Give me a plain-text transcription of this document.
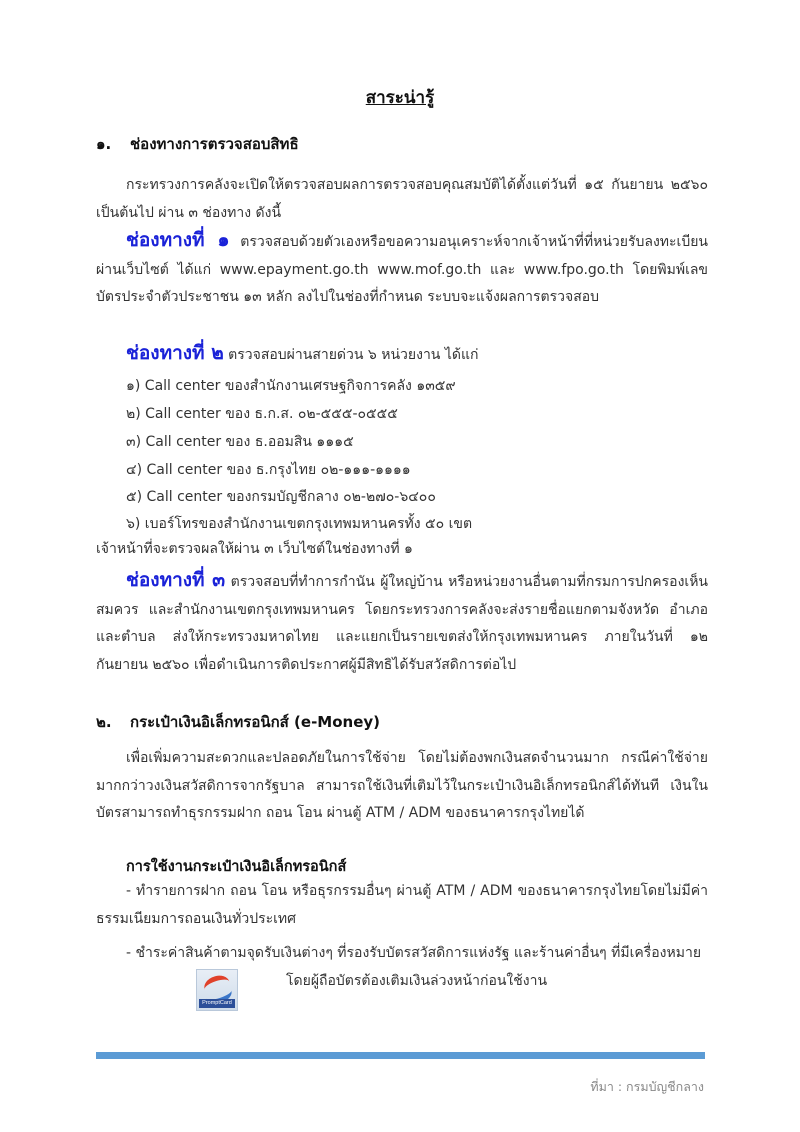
สาระน่ารู้
๑. ช่องทางการตรวจสอบสิทธิ
กระทรวงการคลังจะเปิดให้ตรวจสอบผลการตรวจสอบคุณสมบัติได้ตั้งแต่วันที่ ๑๕ กันยายน ๒๕๖๐ เป็นต้นไป ผ่าน ๓ ช่องทาง ดังนี้
ช่องทางที่ ๑ ตรวจสอบด้วยตัวเองหรือขอความอนุเคราะห์จากเจ้าหน้าที่ที่หน่วยรับลงทะเบียนผ่านเว็บไซต์ ได้แก่ www.epayment.go.th www.mof.go.th และ www.fpo.go.th โดยพิมพ์เลขบัตรประจำตัวประชาชน ๑๓ หลัก ลงไปในช่องที่กำหนด ระบบจะแจ้งผลการตรวจสอบ
ช่องทางที่ ๒ ตรวจสอบผ่านสายด่วน ๖ หน่วยงาน ได้แก่
๑) Call center ของสำนักงานเศรษฐกิจการคลัง ๑๓๕๙
๒) Call center ของ ธ.ก.ส. ๐๒-๕๕๕-๐๕๕๕
๓) Call center ของ ธ.ออมสิน ๑๑๑๕
๔) Call center ของ ธ.กรุงไทย ๐๒-๑๑๑-๑๑๑๑
๕) Call center ของกรมบัญชีกลาง ๐๒-๒๗๐-๖๔๐๐
๖) เบอร์โทรของสำนักงานเขตกรุงเทพมหานครทั้ง ๕๐ เขต
เจ้าหน้าที่จะตรวจผลให้ผ่าน ๓ เว็บไซต์ในช่องทางที่ ๑
ช่องทางที่ ๓ ตรวจสอบที่ทำการกำนัน ผู้ใหญ่บ้าน หรือหน่วยงานอื่นตามที่กรมการปกครองเห็นสมควร และสำนักงานเขตกรุงเทพมหานคร โดยกระทรวงการคลังจะส่งรายชื่อแยกตามจังหวัด อำเภอ และตำบล ส่งให้กระทรวงมหาดไทย และแยกเป็นรายเขตส่งให้กรุงเทพมหานคร ภายในวันที่ ๑๒ กันยายน ๒๕๖๐ เพื่อดำเนินการติดประกาศผู้มีสิทธิได้รับสวัสดิการต่อไป
๒. กระเป๋าเงินอิเล็กทรอนิกส์ (e-Money)
เพื่อเพิ่มความสะดวกและปลอดภัยในการใช้จ่าย โดยไม่ต้องพกเงินสดจำนวนมาก กรณีค่าใช้จ่ายมากกว่าวงเงินสวัสดิการจากรัฐบาล สามารถใช้เงินที่เติมไว้ในกระเป๋าเงินอิเล็กทรอนิกส์ได้ทันที เงินในบัตรสามารถทำธุรกรรมฝาก ถอน โอน ผ่านตู้ ATM / ADM ของธนาคารกรุงไทยได้
การใช้งานกระเป๋าเงินอิเล็กทรอนิกส์
- ทำรายการฝาก ถอน โอน หรือธุรกรรมอื่นๆ ผ่านตู้ ATM / ADM ของธนาคารกรุงไทยโดยไม่มีค่าธรรมเนียมการถอนเงินทั่วประเทศ
- ชำระค่าสินค้าตามจุดรับเงินต่างๆ ที่รองรับบัตรสวัสดิการแห่งรัฐ และร้านค่าอื่นๆ ที่มีเครื่องหมาย
PromptCard
โดยผู้ถือบัตรต้องเติมเงินล่วงหน้าก่อนใช้งาน
ที่มา : กรมบัญชีกลาง
